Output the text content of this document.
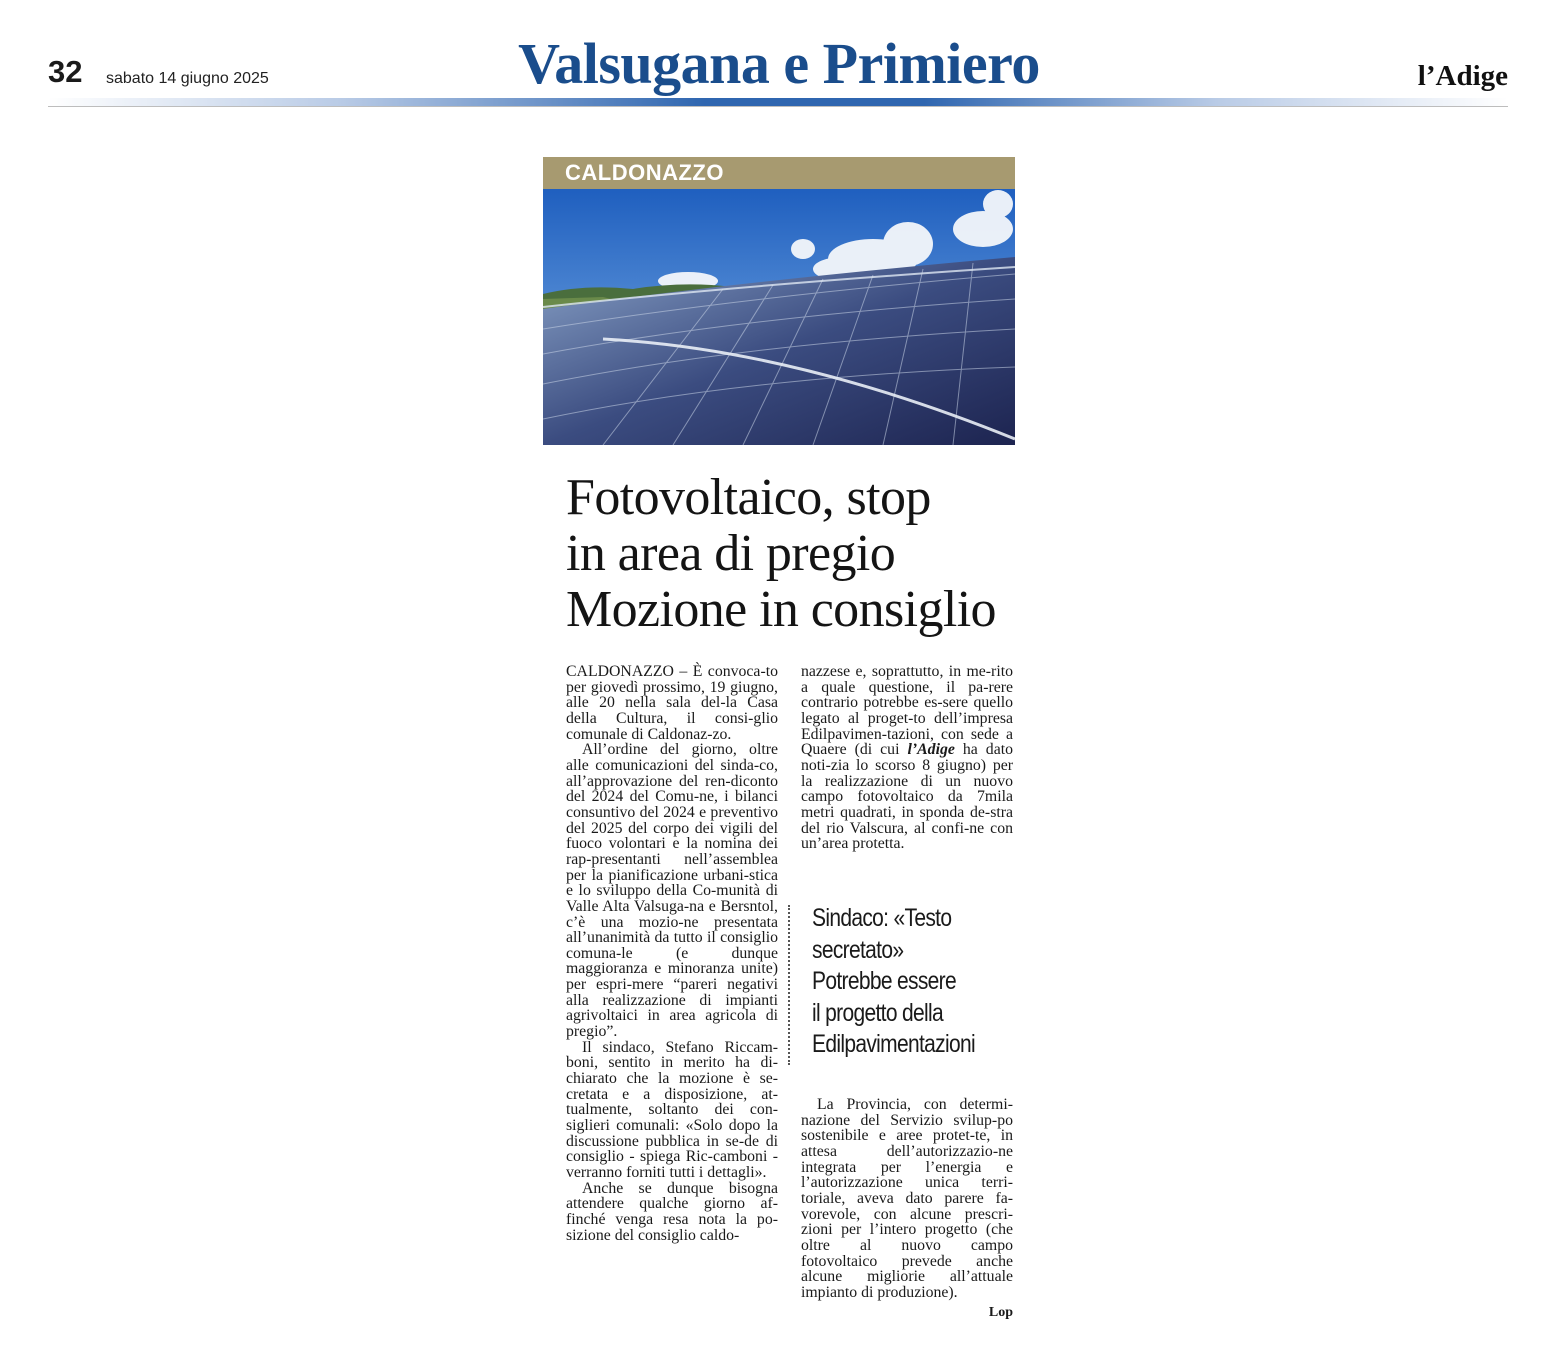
32 sabato 14 giugno 2025	Valsugana e Primiero	l’Adige
CALDONAZZO
Fotovoltaico, stop
in area di pregio
Mozione in consiglio

CALDONAZZO – È convoca-to per giovedì prossimo, 19 giugno, alle 20 nella sala del-la Casa della Cultura, il consi-glio comunale di Caldonaz-zo.

All’ordine del giorno, oltre alle comunicazioni del sinda-co, all’approvazione del ren-diconto del 2024 del Comu-ne, i bilanci consuntivo del 2024 e preventivo del 2025 del corpo dei vigili del fuoco volontari e la nomina dei rap-presentanti nell’assemblea per la pianificazione urbani-stica e lo sviluppo della Co-munità di Valle Alta Valsuga-na e Bersntol, c’è una mozio-ne presentata all’unanimità da tutto il consiglio comuna-le (e dunque maggioranza e minoranza unite) per espri-mere “pareri negativi alla realizzazione di impianti agrivoltaici in area agricola di pregio”.

Il sindaco, Stefano Riccam-boni, sentito in merito ha di-chiarato che la mozione è se-cretata e a disposizione, at-tualmente, soltanto dei con-siglieri comunali: «Solo dopo la discussione pubblica in se-de di consiglio - spiega Ric-camboni - verranno forniti tutti i dettagli».

Anche se dunque bisogna attendere qualche giorno af-finché venga resa nota la po-sizione del consiglio caldo-

nazzese e, soprattutto, in me-rito a quale questione, il pa-rere contrario potrebbe es-sere quello legato al proget-to dell’impresa Edilpavimen-tazioni, con sede a Quaere (di cui l’Adige ha dato noti-zia lo scorso 8 giugno) per la realizzazione di un nuovo campo fotovoltaico da 7mila metri quadrati, in sponda de-stra del rio Valscura, al confi-ne con un’area protetta.

Sindaco: «Testo
secretato»
Potrebbe essere
il progetto della
Edilpavimentazioni

La Provincia, con determi-nazione del Servizio svilup-po sostenibile e aree protet-te, in attesa dell’autorizzazio-ne integrata per l’energia e l’autorizzazione unica terri-toriale, aveva dato parere fa-vorevole, con alcune prescri-zioni per l’intero progetto (che oltre al nuovo campo fotovoltaico prevede anche alcune migliorie all’attuale impianto di produzione).

Lop
